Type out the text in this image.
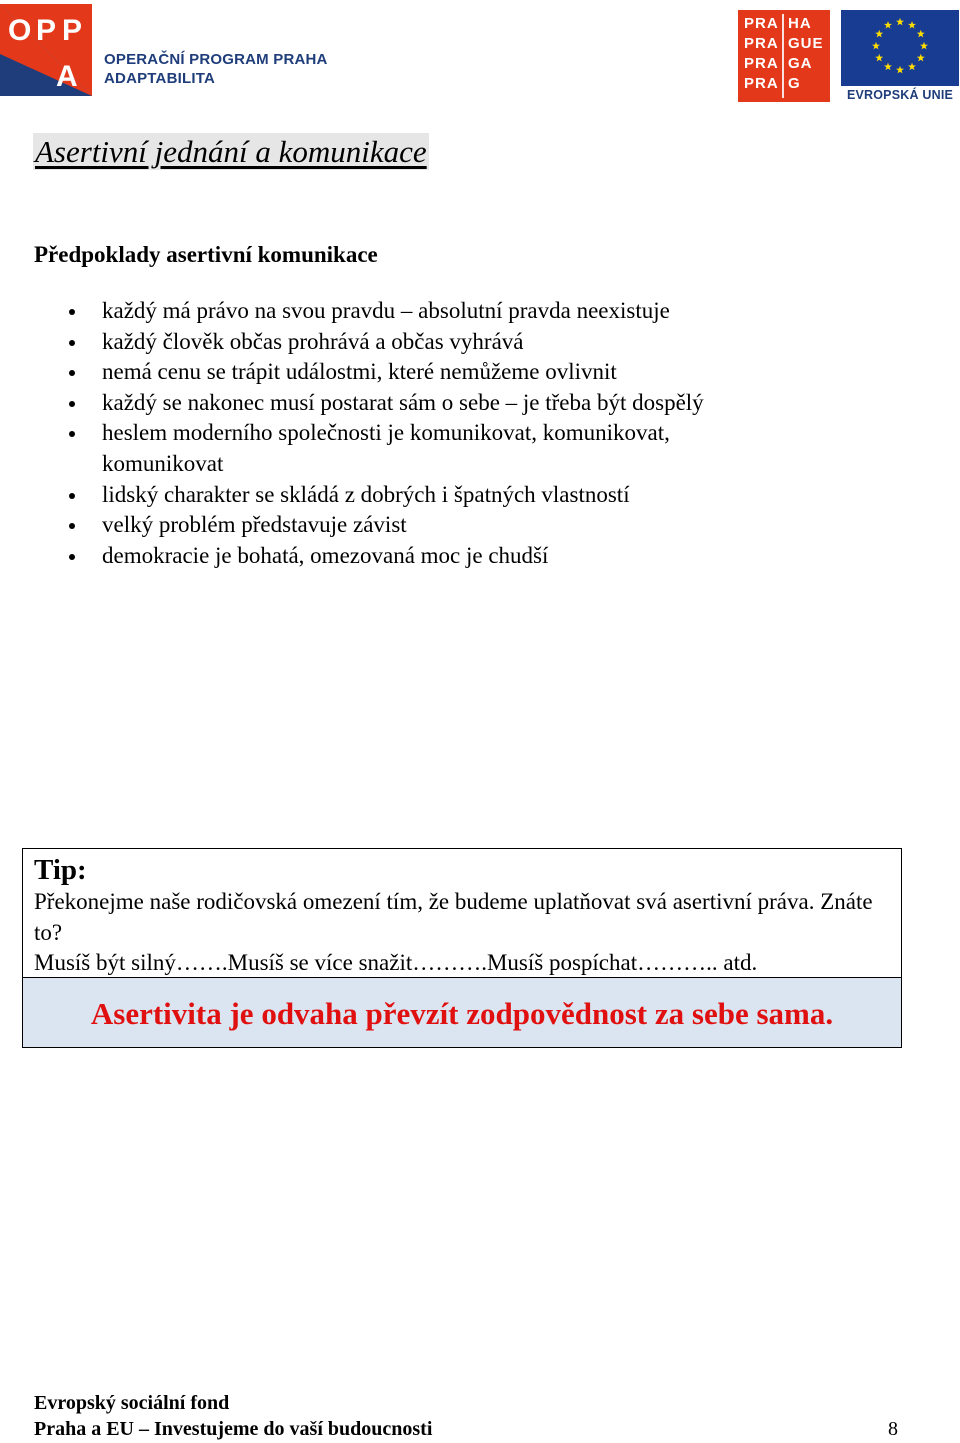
O P P
A
OPERAČNÍ PROGRAM PRAHA
ADAPTABILITA
PRA HA
PRA GUE
PRA GA
PRA G
EVROPSKÁ UNIE
Asertivní jednání a komunikace
Předpoklady asertivní komunikace
každý má právo na svou pravdu – absolutní pravda neexistuje
každý člověk občas prohrává a občas vyhrává
nemá cenu se trápit událostmi, které nemůžeme ovlivnit
každý se nakonec musí postarat sám o sebe – je třeba být dospělý
heslem moderního společnosti je komunikovat, komunikovat, komunikovat
lidský charakter se skládá z dobrých i špatných vlastností
velký problém představuje závist
demokracie je bohatá, omezovaná moc je chudší
Tip:
Překonejme naše rodičovská omezení tím, že budeme uplatňovat svá asertivní práva. Znáte to?
Musíš být silný…….Musíš se více snažit……….Musíš pospíchat……….. atd.
Asertivita je odvaha převzít zodpovědnost za sebe sama.
Evropský sociální fond
Praha a EU – Investujeme do vaší budoucnosti	8
